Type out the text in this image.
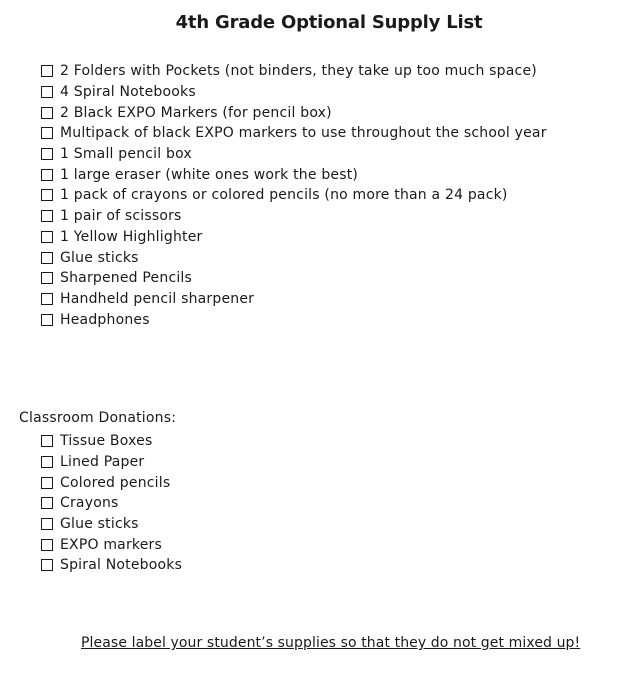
4th Grade Optional Supply List
2 Folders with Pockets (not binders, they take up too much space)
4 Spiral Notebooks
2 Black EXPO Markers (for pencil box)
Multipack of black EXPO markers to use throughout the school year
1 Small pencil box
1 large eraser (white ones work the best)
1 pack of crayons or colored pencils (no more than a 24 pack)
1 pair of scissors
1 Yellow Highlighter
Glue sticks
Sharpened Pencils
Handheld pencil sharpener
Headphones
Classroom Donations:
Tissue Boxes
Lined Paper
Colored pencils
Crayons
Glue sticks
EXPO markers
Spiral Notebooks

Please label your student’s supplies so that they do not get mixed up!
